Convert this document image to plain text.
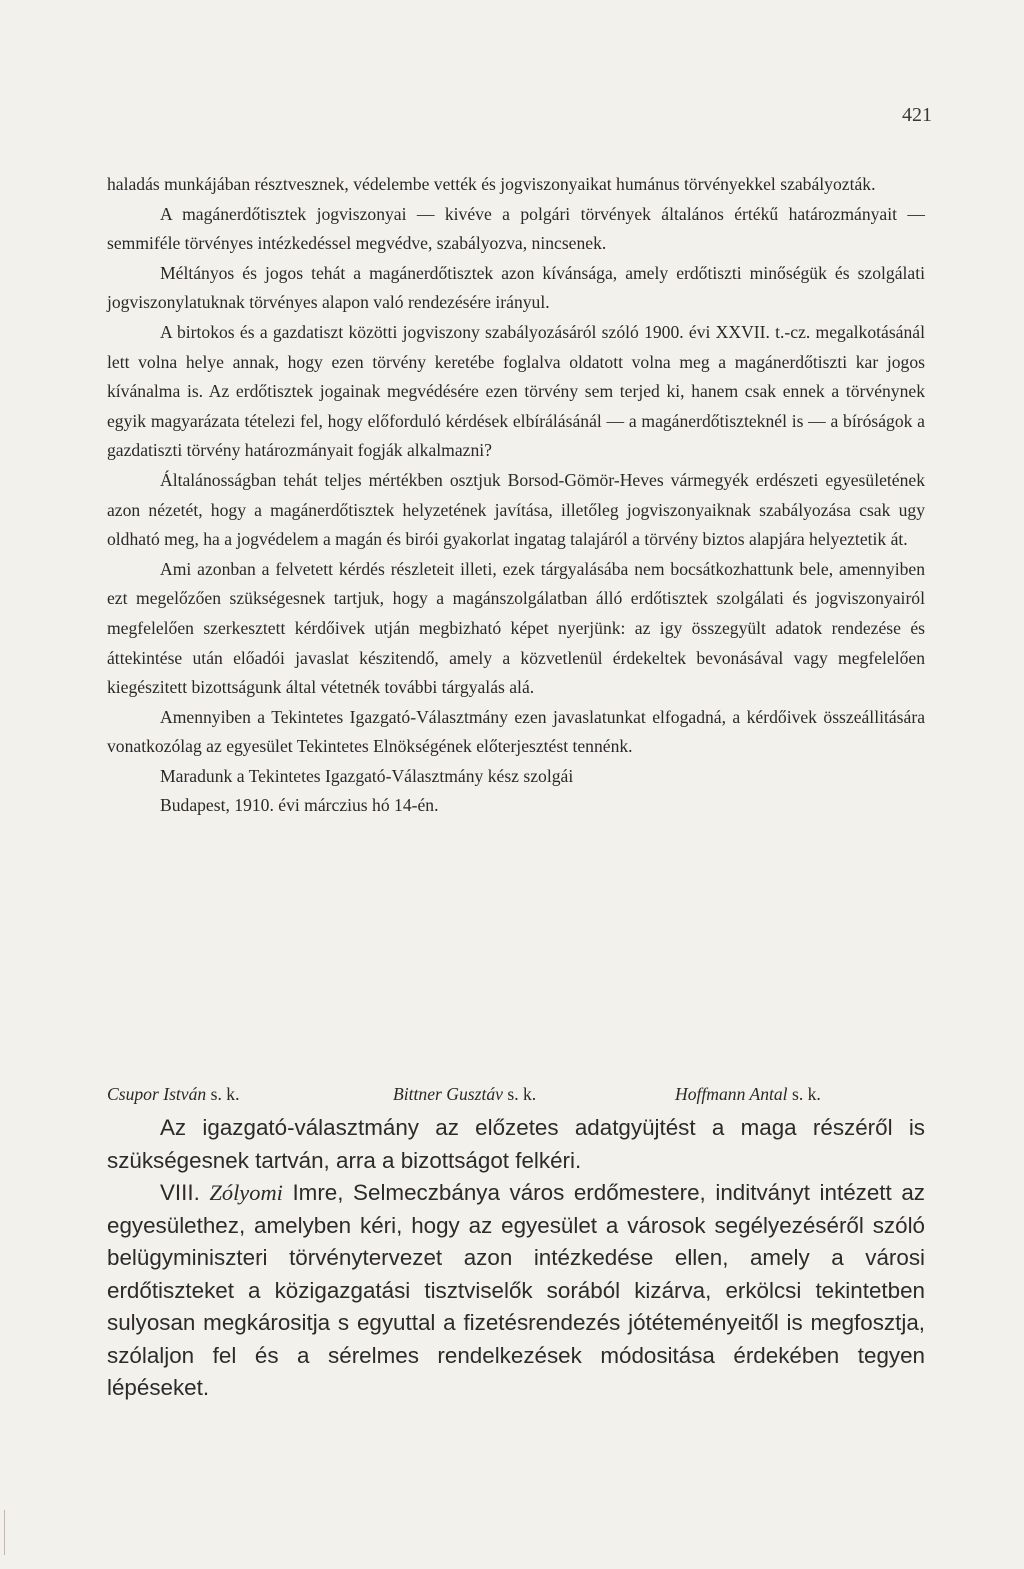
421

haladás munkájában résztvesznek, védelembe vették és jogviszonyaikat humánus törvényekkel szabályozták.

A magánerdőtisztek jogviszonyai — kivéve a polgári törvények általános értékű határozmányait — semmiféle törvényes intézkedéssel megvédve, szabályozva, nincsenek.

Méltányos és jogos tehát a magánerdőtisztek azon kívánsága, amely erdőtiszti minőségük és szolgálati jogviszonylatuknak törvényes alapon való rendezésére irányul.

A birtokos és a gazdatiszt közötti jogviszony szabályozásáról szóló 1900. évi XXVII. t.-cz. megalkotásánál lett volna helye annak, hogy ezen törvény keretébe foglalva oldatott volna meg a magánerdőtiszti kar jogos kívánalma is. Az erdőtisztek jogainak megvédésére ezen törvény sem terjed ki, hanem csak ennek a törvénynek egyik magyarázata tételezi fel, hogy előforduló kérdések elbírálásánál — a magánerdőtiszteknél is — a bíróságok a gazdatiszti törvény határozmányait fogják alkalmazni?

Általánosságban tehát teljes mértékben osztjuk Borsod-Gömör-Heves vármegyék erdészeti egyesületének azon nézetét, hogy a magánerdőtisztek helyzetének javítása, illetőleg jogviszonyaiknak szabályozása csak ugy oldható meg, ha a jogvédelem a magán és birói gyakorlat ingatag talajáról a törvény biztos alapjára helyeztetik át.

Ami azonban a felvetett kérdés részleteit illeti, ezek tárgyalásába nem bocsátkozhattunk bele, amennyiben ezt megelőzően szükségesnek tartjuk, hogy a magánszolgálatban álló erdőtisztek szolgálati és jogviszonyairól megfelelően szerkesztett kérdőivek utján megbizható képet nyerjünk: az igy összegyült adatok rendezése és áttekintése után előadói javaslat készitendő, amely a közvetlenül érdekeltek bevonásával vagy megfelelően kiegészitett bizottságunk által vétetnék további tárgyalás alá.

Amennyiben a Tekintetes Igazgató-Választmány ezen javaslatunkat elfogadná, a kérdőivek összeállitására vonatkozólag az egyesület Tekintetes Elnökségének előterjesztést tennénk.

Maradunk a Tekintetes Igazgató-Választmány kész szolgái

Budapest, 1910. évi márczius hó 14-én.

Csupor István s. k.	Bittner Gusztáv s. k.	Hoffmann Antal s. k.

Az igazgató-választmány az előzetes adatgyüjtést a maga részéről is szükségesnek tartván, arra a bizottságot felkéri.

VIII. Zólyomi Imre, Selmeczbánya város erdőmestere, inditványt intézett az egyesülethez, amelyben kéri, hogy az egyesület a városok segélyezéséről szóló belügyminiszteri törvénytervezet azon intézkedése ellen, amely a városi erdőtiszteket a közigazgatási tisztviselők sorából kizárva, erkölcsi tekintetben sulyosan megkárositja s egyuttal a fizetésrendezés jótéteményeitől is megfosztja, szólaljon fel és a sérelmes rendelkezések módositása érdekében tegyen lépéseket.
